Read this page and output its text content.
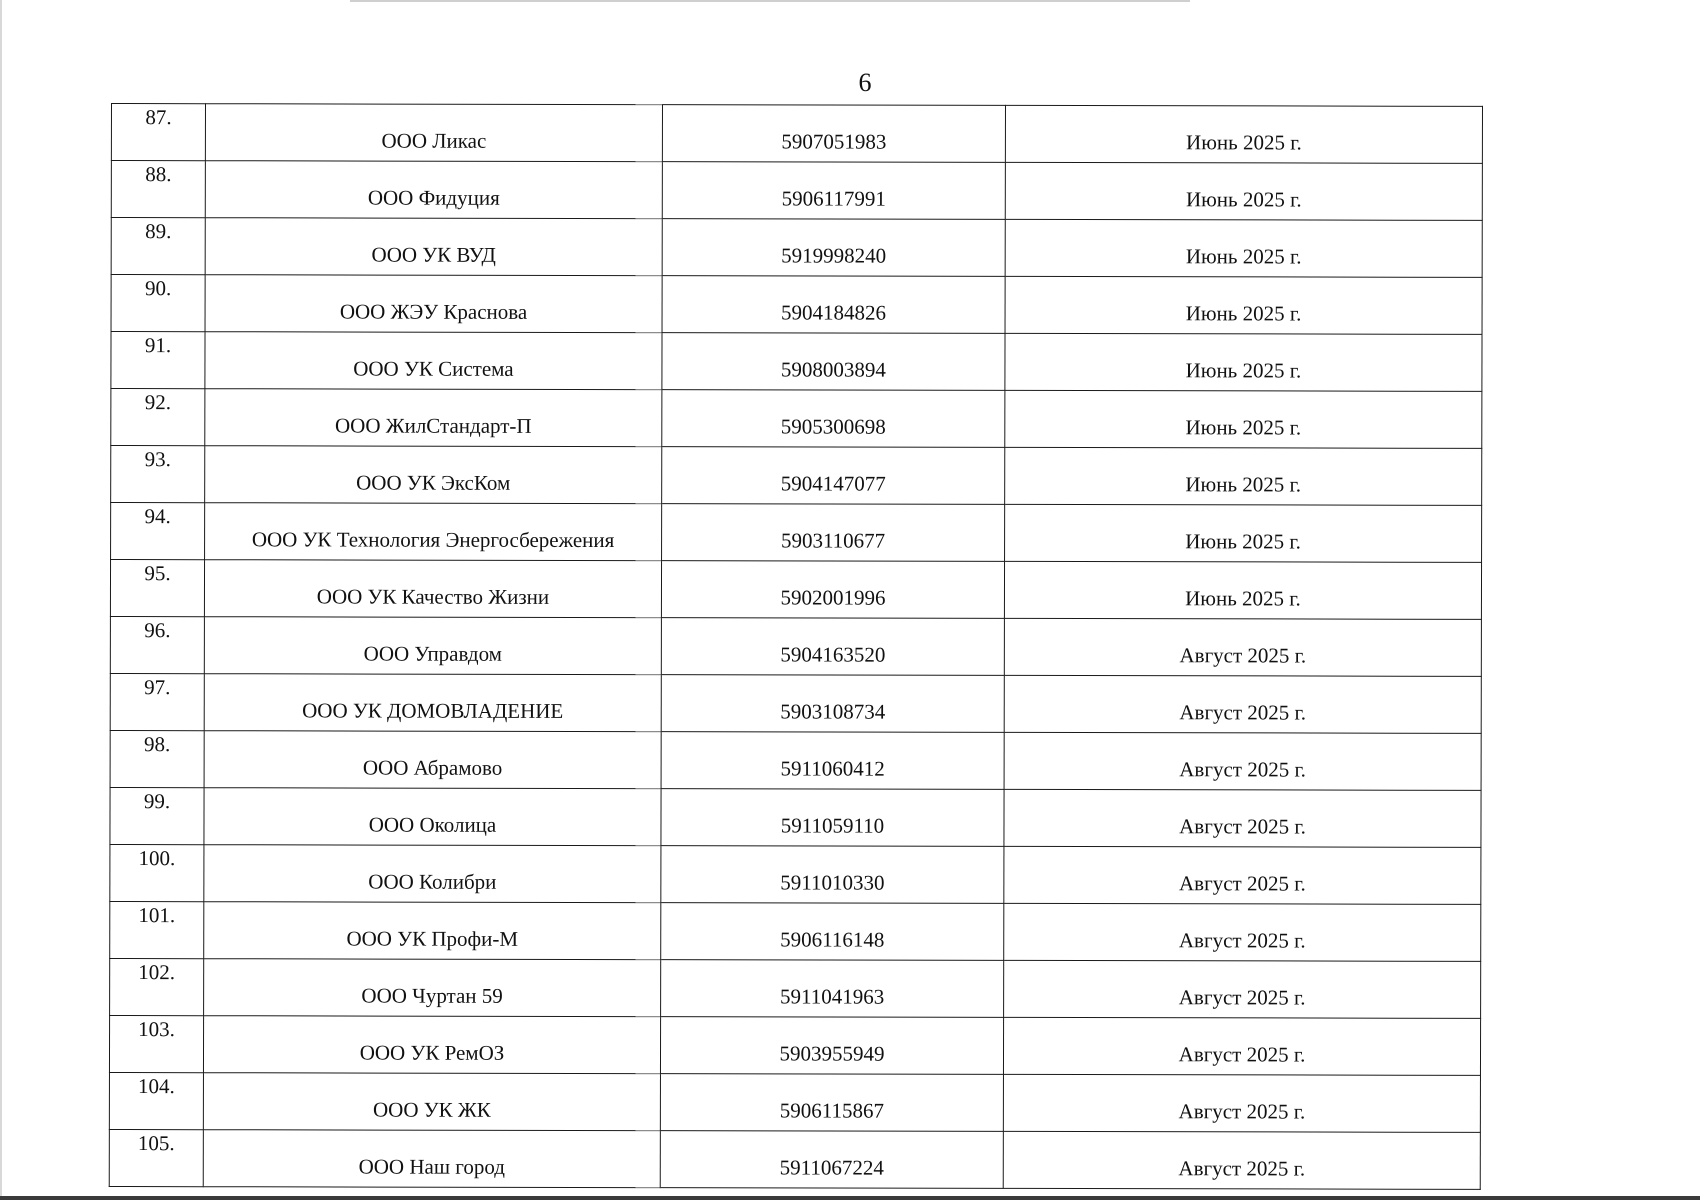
6
87.	ООО Ликас	5907051983	Июнь 2025 г.
88.	ООО Фидуция	5906117991	Июнь 2025 г.
89.	ООО УК ВУД	5919998240	Июнь 2025 г.
90.	ООО ЖЭУ Краснова	5904184826	Июнь 2025 г.
91.	ООО УК Система	5908003894	Июнь 2025 г.
92.	ООО ЖилСтандарт-П	5905300698	Июнь 2025 г.
93.	ООО УК ЭксКом	5904147077	Июнь 2025 г.
94.	ООО УК Технология Энергосбережения	5903110677	Июнь 2025 г.
95.	ООО УК Качество Жизни	5902001996	Июнь 2025 г.
96.	ООО Управдом	5904163520	Август 2025 г.
97.	ООО УК ДОМОВЛАДЕНИЕ	5903108734	Август 2025 г.
98.	ООО Абрамово	5911060412	Август 2025 г.
99.	ООО Околица	5911059110	Август 2025 г.
100.	ООО Колибри	5911010330	Август 2025 г.
101.	ООО УК Профи-М	5906116148	Август 2025 г.
102.	ООО Чуртан 59	5911041963	Август 2025 г.
103.	ООО УК РемОЗ	5903955949	Август 2025 г.
104.	ООО УК ЖК	5906115867	Август 2025 г.
105.	ООО Наш город	5911067224	Август 2025 г.
